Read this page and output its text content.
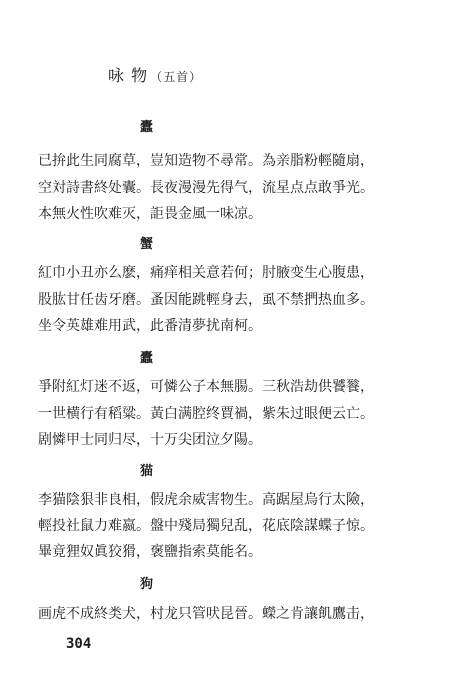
咏 物 （五首）
蠹
已拚此生同腐草，豈知造物不尋常。為亲脂粉輕隨扇，
空対詩書終处囊。長夜漫漫先得气，流星点点敢爭光。
本無火性吹难灭，詎畏金風一味凉。
蟹
紅巾小丑亦么麽，痛痒相关意若何；肘腋变生心腹患，
股肱甘任齿牙磨。蚤因能跳輕身去，虱不禁捫热血多。
坐令英雄难用武，此番清夢扰南柯。
蠹
爭附紅灯迷不返，可憐公子本無腸。三秋浩劫供饕餮，
一世横行有稻粱。黃白满腔终賈禍，紫朱过眼便云亡。
剧憐甲士同归尽，十万尖团泣夕陽。
猫
李猫陰狠非良相，假虎余威害物生。高踞屋烏行太險，
輕投社鼠力难嬴。盤中殘局獨兒乱，花底陰謀蝶子惊。
畢竟狸奴眞狡猾，褒鹽指索莫能名。
狗
画虎不成終类犬，村龙只管吠昆晉。蠑之肯讓飢鷹击，
304
